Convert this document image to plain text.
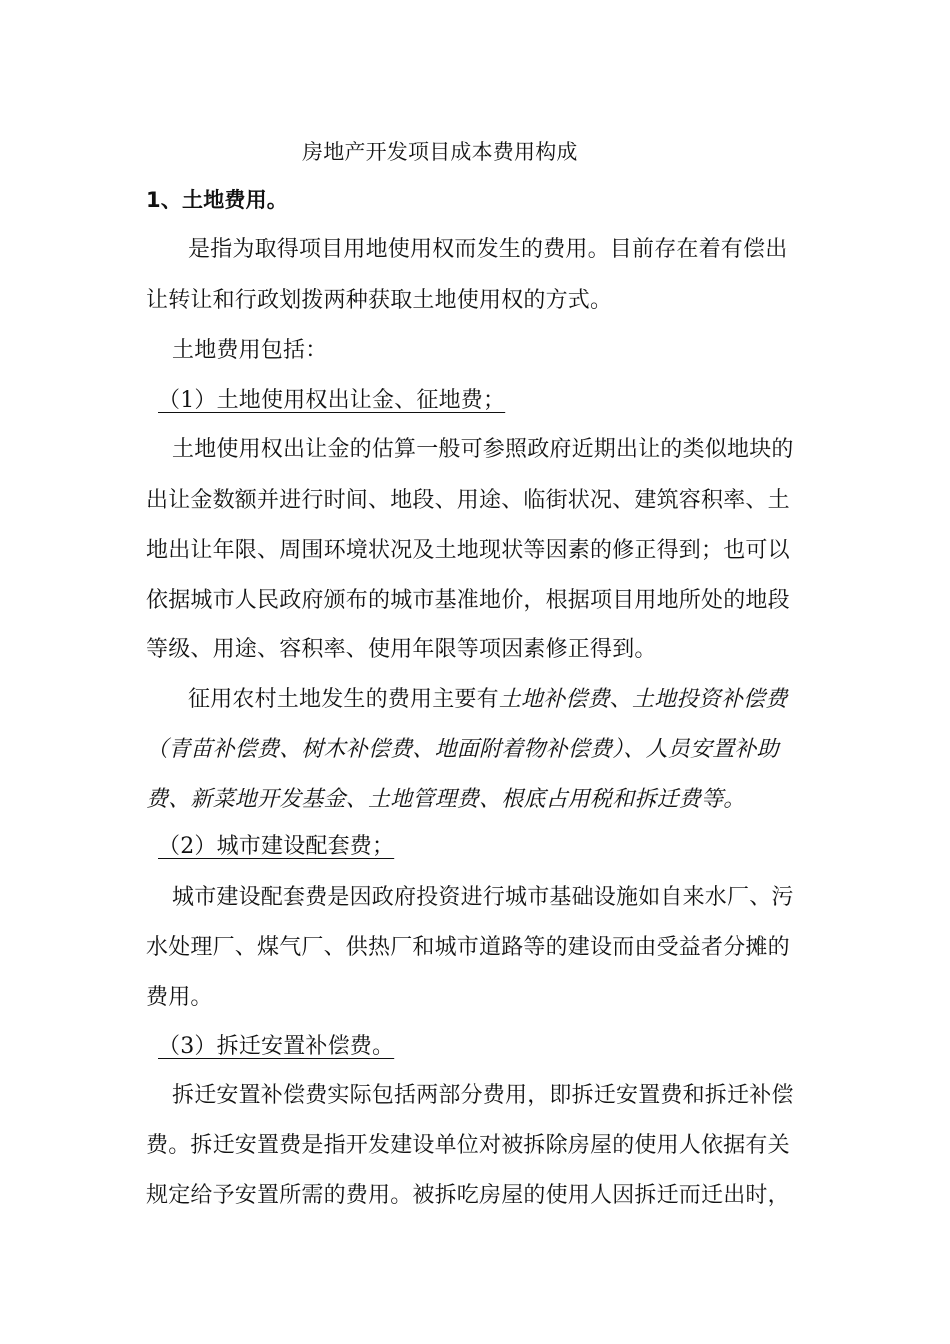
房地产开发项目成本费用构成
1、土地费用。
是指为取得项目用地使用权而发生的费用。目前存在着有偿出
让转让和行政划拨两种获取土地使用权的方式。
土地费用包括：
（1）土地使用权出让金、征地费；
土地使用权出让金的估算一般可参照政府近期出让的类似地块的
出让金数额并进行时间、地段、用途、临街状况、建筑容积率、土
地出让年限、周围环境状况及土地现状等因素的修正得到；也可以
依据城市人民政府颁布的城市基准地价，根据项目用地所处的地段
等级、用途、容积率、使用年限等项因素修正得到。
征用农村土地发生的费用主要有土地补偿费、土地投资补偿费
（青苗补偿费、树木补偿费、地面附着物补偿费）、人员安置补助
费、新菜地开发基金、土地管理费、根底占用税和拆迁费等。
（2）城市建设配套费；
城市建设配套费是因政府投资进行城市基础设施如自来水厂、污
水处理厂、煤气厂、供热厂和城市道路等的建设而由受益者分摊的
费用。
（3）拆迁安置补偿费。
拆迁安置补偿费实际包括两部分费用，即拆迁安置费和拆迁补偿
费。拆迁安置费是指开发建设单位对被拆除房屋的使用人依据有关
规定给予安置所需的费用。被拆吃房屋的使用人因拆迁而迁出时，
